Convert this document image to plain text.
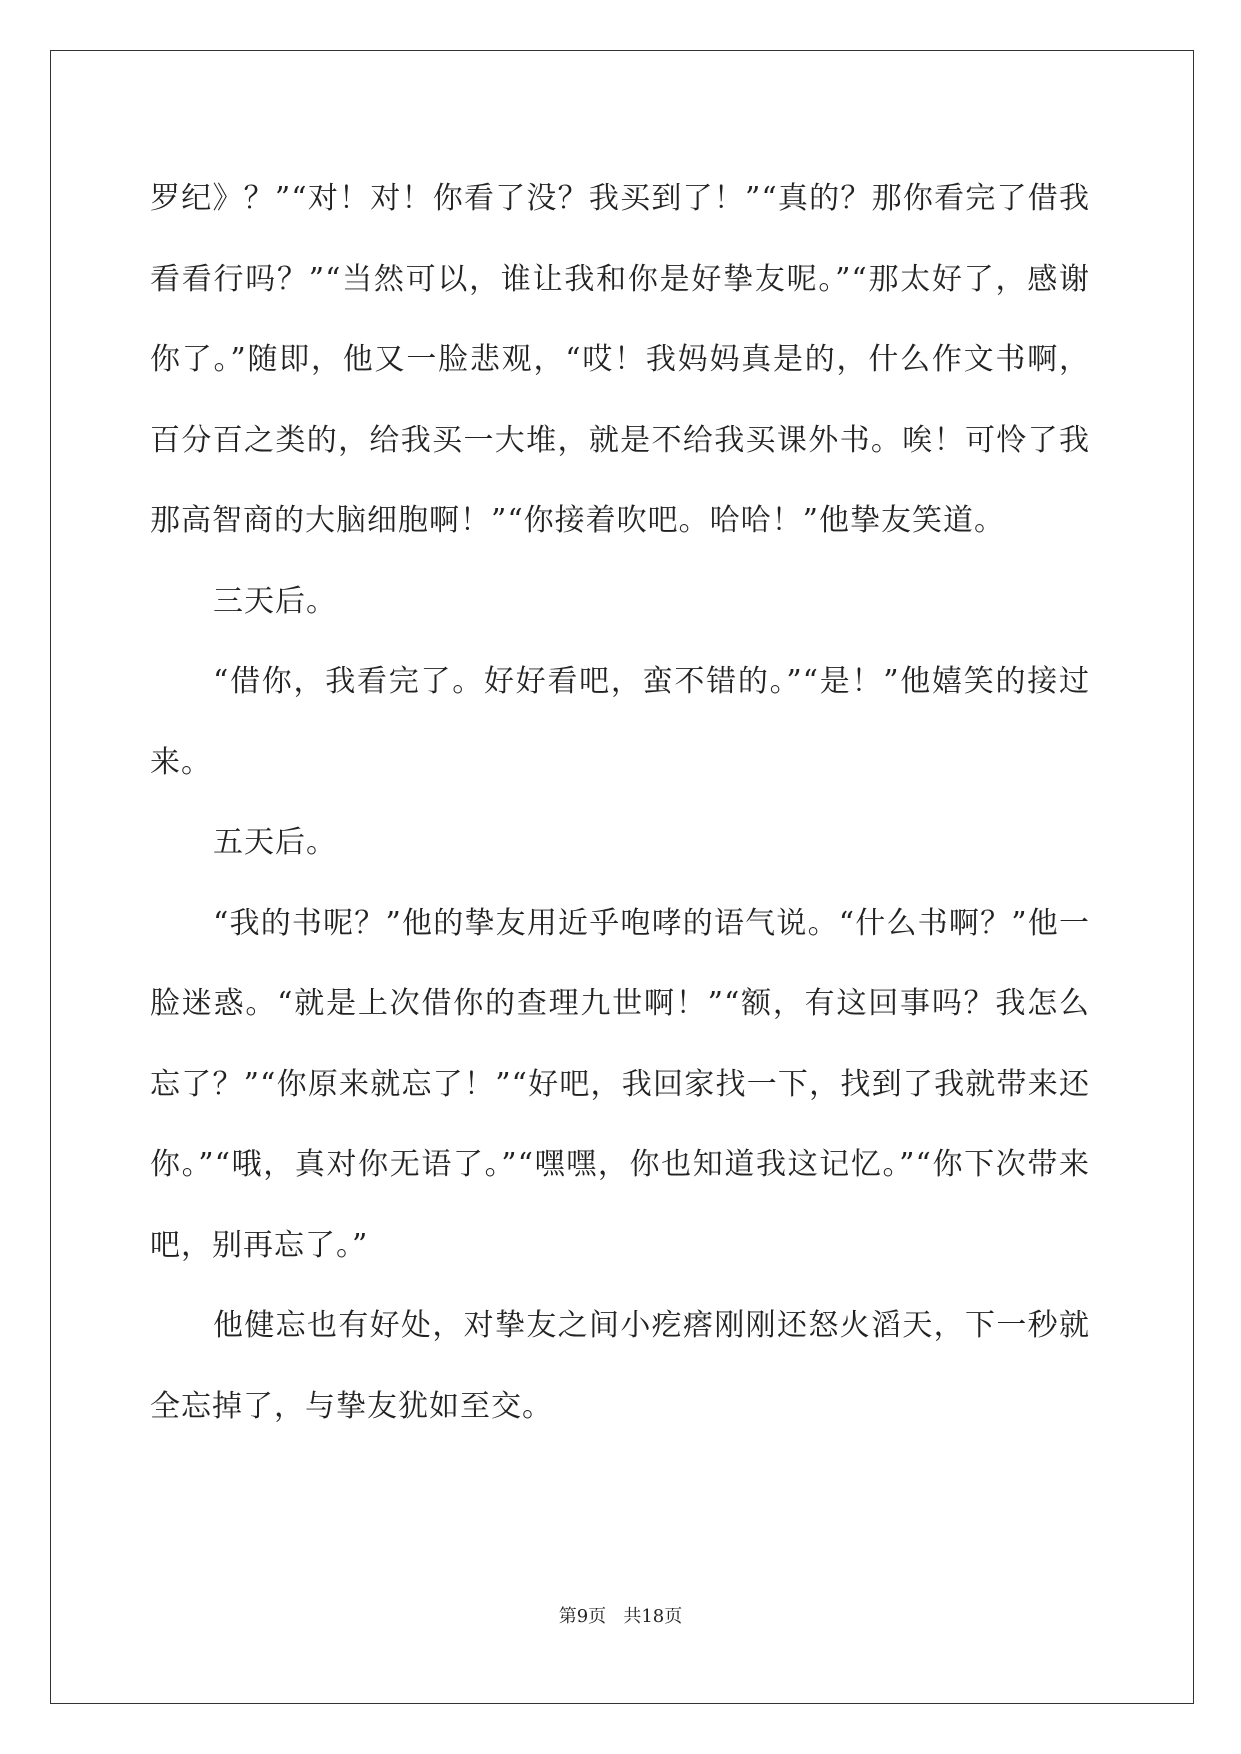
罗纪》？”“对！对！你看了没？我买到了！”“真的？那你看完了借我看看行吗？”“当然可以，谁让我和你是好挚友呢。”“那太好了，感谢你了。”随即，他又一脸悲观，“哎！我妈妈真是的，什么作文书啊，百分百之类的，给我买一大堆，就是不给我买课外书。唉！可怜了我那高智商的大脑细胞啊！”“你接着吹吧。哈哈！”他挚友笑道。

三天后。

“借你，我看完了。好好看吧，蛮不错的。”“是！”他嬉笑的接过来。

五天后。

“我的书呢？”他的挚友用近乎咆哮的语气说。“什么书啊？”他一脸迷惑。“就是上次借你的查理九世啊！”“额，有这回事吗？我怎么忘了？”“你原来就忘了！”“好吧，我回家找一下，找到了我就带来还你。”“哦，真对你无语了。”“嘿嘿，你也知道我这记忆。”“你下次带来吧，别再忘了。”

他健忘也有好处，对挚友之间小疙瘩刚刚还怒火滔天，下一秒就全忘掉了，与挚友犹如至交。

第9页 共18页
